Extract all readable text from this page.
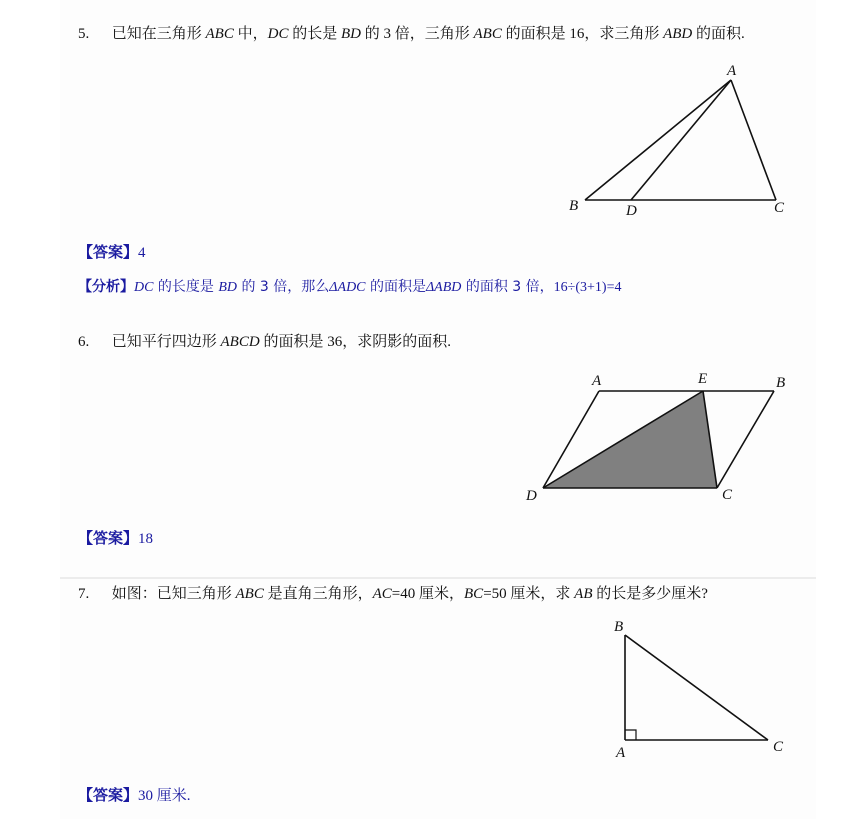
5. 已知在三角形 ABC 中，DC 的长是 BD 的 3 倍，三角形 ABC 的面积是 16，求三角形 ABD 的面积.
【答案】4
【分析】DC 的长度是 BD 的 3 倍，那么ΔADC 的面积是ΔABD 的面积 3 倍，16÷(3+1)=4
6. 已知平行四边形 ABCD 的面积是 36，求阴影的面积.
【答案】18
7. 如图：已知三角形 ABC 是直角三角形，AC=40 厘米，BC=50 厘米，求 AB 的长是多少厘米?
【答案】30 厘米.
A
B	D	C
A	E	B
D	C
B
A	C
